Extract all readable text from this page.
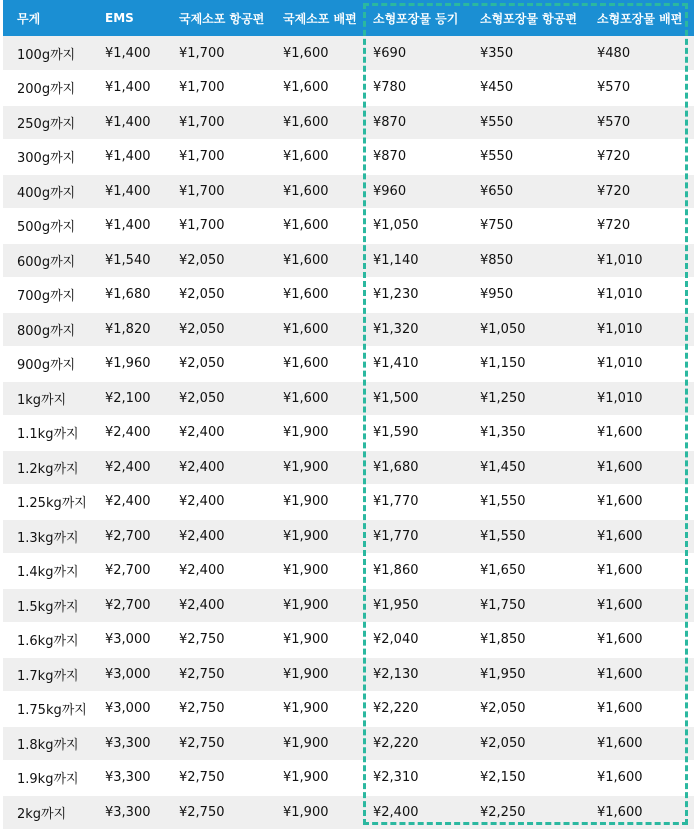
무게	EMS	국제소포 항공편	국제소포 배편	소형포장물 등기	소형포장물 항공편	소형포장물 배편
100g까지	¥1,400	¥1,700	¥1,600	¥690	¥350	¥480
200g까지	¥1,400	¥1,700	¥1,600	¥780	¥450	¥570
250g까지	¥1,400	¥1,700	¥1,600	¥870	¥550	¥570
300g까지	¥1,400	¥1,700	¥1,600	¥870	¥550	¥720
400g까지	¥1,400	¥1,700	¥1,600	¥960	¥650	¥720
500g까지	¥1,400	¥1,700	¥1,600	¥1,050	¥750	¥720
600g까지	¥1,540	¥2,050	¥1,600	¥1,140	¥850	¥1,010
700g까지	¥1,680	¥2,050	¥1,600	¥1,230	¥950	¥1,010
800g까지	¥1,820	¥2,050	¥1,600	¥1,320	¥1,050	¥1,010
900g까지	¥1,960	¥2,050	¥1,600	¥1,410	¥1,150	¥1,010
1kg까지	¥2,100	¥2,050	¥1,600	¥1,500	¥1,250	¥1,010
1.1kg까지	¥2,400	¥2,400	¥1,900	¥1,590	¥1,350	¥1,600
1.2kg까지	¥2,400	¥2,400	¥1,900	¥1,680	¥1,450	¥1,600
1.25kg까지	¥2,400	¥2,400	¥1,900	¥1,770	¥1,550	¥1,600
1.3kg까지	¥2,700	¥2,400	¥1,900	¥1,770	¥1,550	¥1,600
1.4kg까지	¥2,700	¥2,400	¥1,900	¥1,860	¥1,650	¥1,600
1.5kg까지	¥2,700	¥2,400	¥1,900	¥1,950	¥1,750	¥1,600
1.6kg까지	¥3,000	¥2,750	¥1,900	¥2,040	¥1,850	¥1,600
1.7kg까지	¥3,000	¥2,750	¥1,900	¥2,130	¥1,950	¥1,600
1.75kg까지	¥3,000	¥2,750	¥1,900	¥2,220	¥2,050	¥1,600
1.8kg까지	¥3,300	¥2,750	¥1,900	¥2,220	¥2,050	¥1,600
1.9kg까지	¥3,300	¥2,750	¥1,900	¥2,310	¥2,150	¥1,600
2kg까지	¥3,300	¥2,750	¥1,900	¥2,400	¥2,250	¥1,600
